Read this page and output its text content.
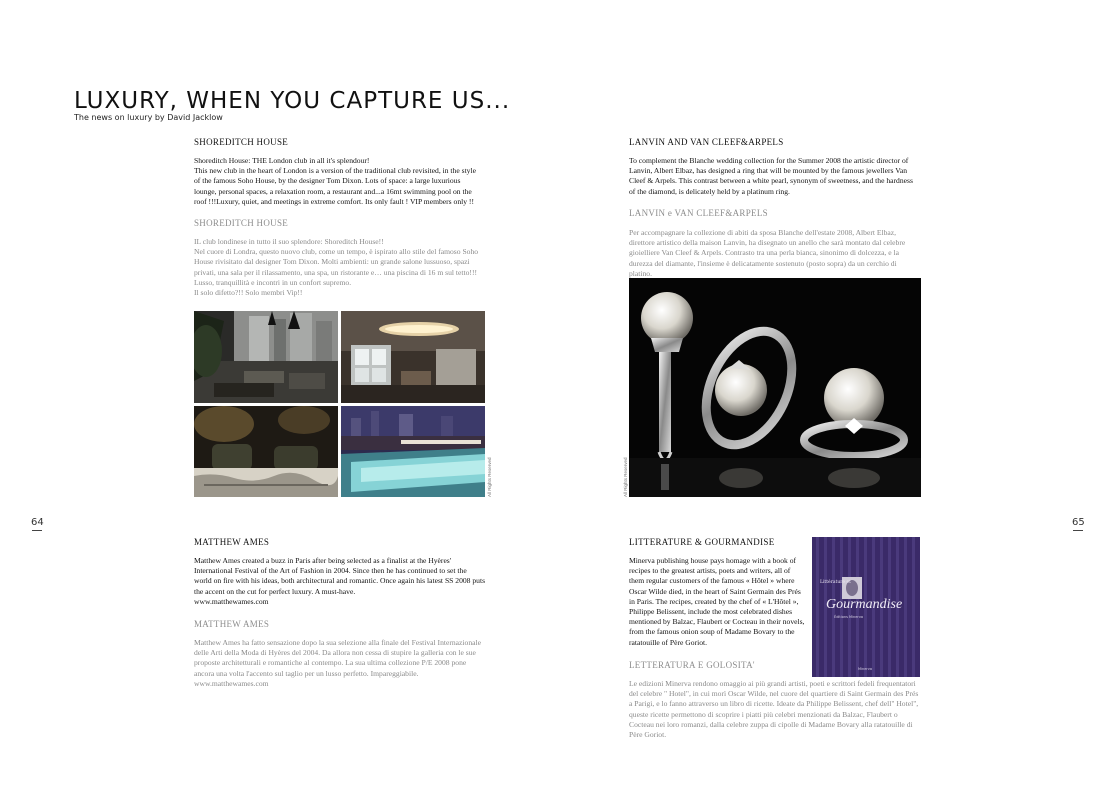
LUXURY, WHEN YOU CAPTURE US...
The news on luxury by David Jacklow
64	65
SHOREDITCH HOUSE
Shoreditch House: THE London club in all it's splendour!
This new club in the heart of London is a version of the traditional club revisited, in the style of the famous Soho House, by the designer Tom Dixon. Lots of space: a large luxurious lounge, personal spaces, a relaxation room, a restaurant and...a 16mt swimming pool on the roof !!!Luxury, quiet, and meetings in extreme comfort. Its only fault ! VIP members only !!
SHOREDITCH HOUSE
IL club londinese in tutto il suo splendore: Shoreditch House!!
Nel cuore di Londra, questo nuovo club, come un tempo, è ispirato allo stile del famoso Soho House rivisitato dal designer Tom Dixon. Molti ambienti: un grande salone lussuoso, spazi privati, una sala per il rilassamento, una spa, un ristorante e… una piscina di 16 m sul tetto!!! Lusso, tranquillità e incontri in un confort supremo.
Il solo difetto?!! Solo membri Vip!!
All Rights Reserved
LANVIN AND VAN CLEEF&ARPELS
To complement the Blanche wedding collection for the Summer 2008 the artistic director of Lanvin, Albert Elbaz, has designed a ring that will be mounted by the famous jewellers Van Cleef & Arpels. This contrast between a white pearl, synonym of sweetness, and the hardness of the diamond, is delicately held by a platinum ring.
LANVIN e VAN CLEEF&ARPELS
Per accompagnare la collezione di abiti da sposa Blanche dell'estate 2008, Albert Elbaz, direttore artistico della maison Lanvin, ha disegnato un anello che sarà montato dal celebre gioielliere Van Cleef & Arpels. Contrasto tra una perla bianca, sinonimo di dolcezza, e la durezza del diamante, l'insieme è delicatamente sostenuto (posto sopra) da un cerchio di platino.
All Rights Reserved
MATTHEW AMES
Matthew Ames created a buzz in Paris after being selected as a finalist at the Hyères' International Festival of the Art of Fashion in 2004. Since then he has continued to set the world on fire with his ideas, both architectural and romantic. Once again his latest SS 2008 puts the accent on the cut for perfect luxury. A must-have.
www.matthewames.com
MATTHEW AMES
Matthew Ames ha fatto sensazione dopo la sua selezione alla finale del Festival Internazionale delle Arti della Moda di Hyères del 2004. Da allora non cessa di stupire la galleria con le sue proposte architetturali e romantiche al contempo. La sua ultima collezione P/E 2008 pone ancora una volta l'accento sul taglio per un lusso perfetto. Impareggiabile.
www.matthewames.com
LITTERATURE & GOURMANDISE
Minerva publishing house pays homage with a book of recipes to the greatest artists, poets and writers, all of them regular customers of the famous « Hôtel » where Oscar Wilde died, in the heart of Saint Germain des Prés in Paris. The recipes, created by the chef of « L'Hôtel », Philippe Belissent, include the most celebrated dishes mentioned by Balzac, Flaubert or Cocteau in their novels, from the famous onion soup of Madame Bovary to the ratatouille of Père Goriot.
LETTERATURA E GOLOSITA'
Le edizioni Minerva rendono omaggio ai più grandi artisti, poeti e scrittori fedeli frequentatori del celebre " Hotel", in cui morì Oscar Wilde, nel cuore del quartiere di Saint Germain des Prés a Parigi, e lo fanno attraverso un libro di ricette. Ideate da Philippe Belissent, chef dell" Hotel", queste ricette permettono di scoprire i piatti più celebri menzionati da Balzac, Flaubert o Cocteau nei loro romanzi, dalla celebre zuppa di cipolle di Madame Bovary alla ratatouille di Père Goriot.
Littérature et
Gourmandise
Éditions Minerva
Minerva
